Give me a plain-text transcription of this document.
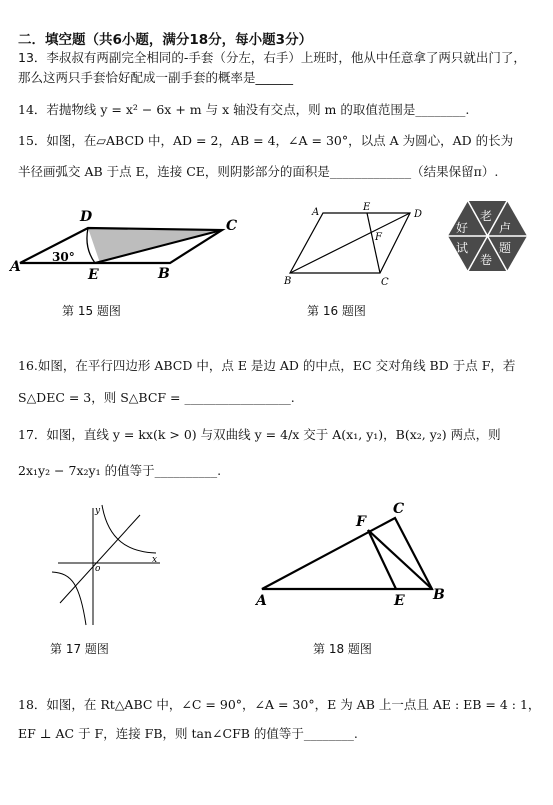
二．填空题（共6小题，满分18分，每小题3分）
13．李叔叔有两副完全相同的-手套（分左，右手）上班时，他从中任意拿了两只就出门了，
那么这两只手套恰好配成一副手套的概率是______
14．若抛物线 y = x² − 6x + m 与 x 轴没有交点，则 m 的取值范围是________.
15．如图，在▱ABCD 中，AD = 2，AB = 4，∠A = 30°，以点 A 为圆心，AD 的长为
半径画弧交 AB 于点 E，连接 CE，则阴影部分的面积是_____________（结果保留π）.
A	B
C
D
E
30°
第 15 题图
A
B	C
D
E
F
第 16 题图
老
卢
好
试
卷
题
16.如图，在平行四边形 ABCD 中，点 E 是边 AD 的中点，EC 交对角线 BD 于点 F，若
S△DEC = 3，则 S△BCF = _________________.
17．如图，直线 y = kx(k > 0) 与双曲线 y = 4/x 交于 A(x₁, y₁)，B(x₂, y₂) 两点，则
2x₁y₂ − 7x₂y₁ 的值等于__________.
y
x
o
第 17 题图
A	B
C
E
F
第 18 题图
18．如图，在 Rt△ABC 中，∠C = 90°，∠A = 30°，E 为 AB 上一点且 AE : EB = 4 : 1，
EF ⊥ AC 于 F，连接 FB，则 tan∠CFB 的值等于________.
